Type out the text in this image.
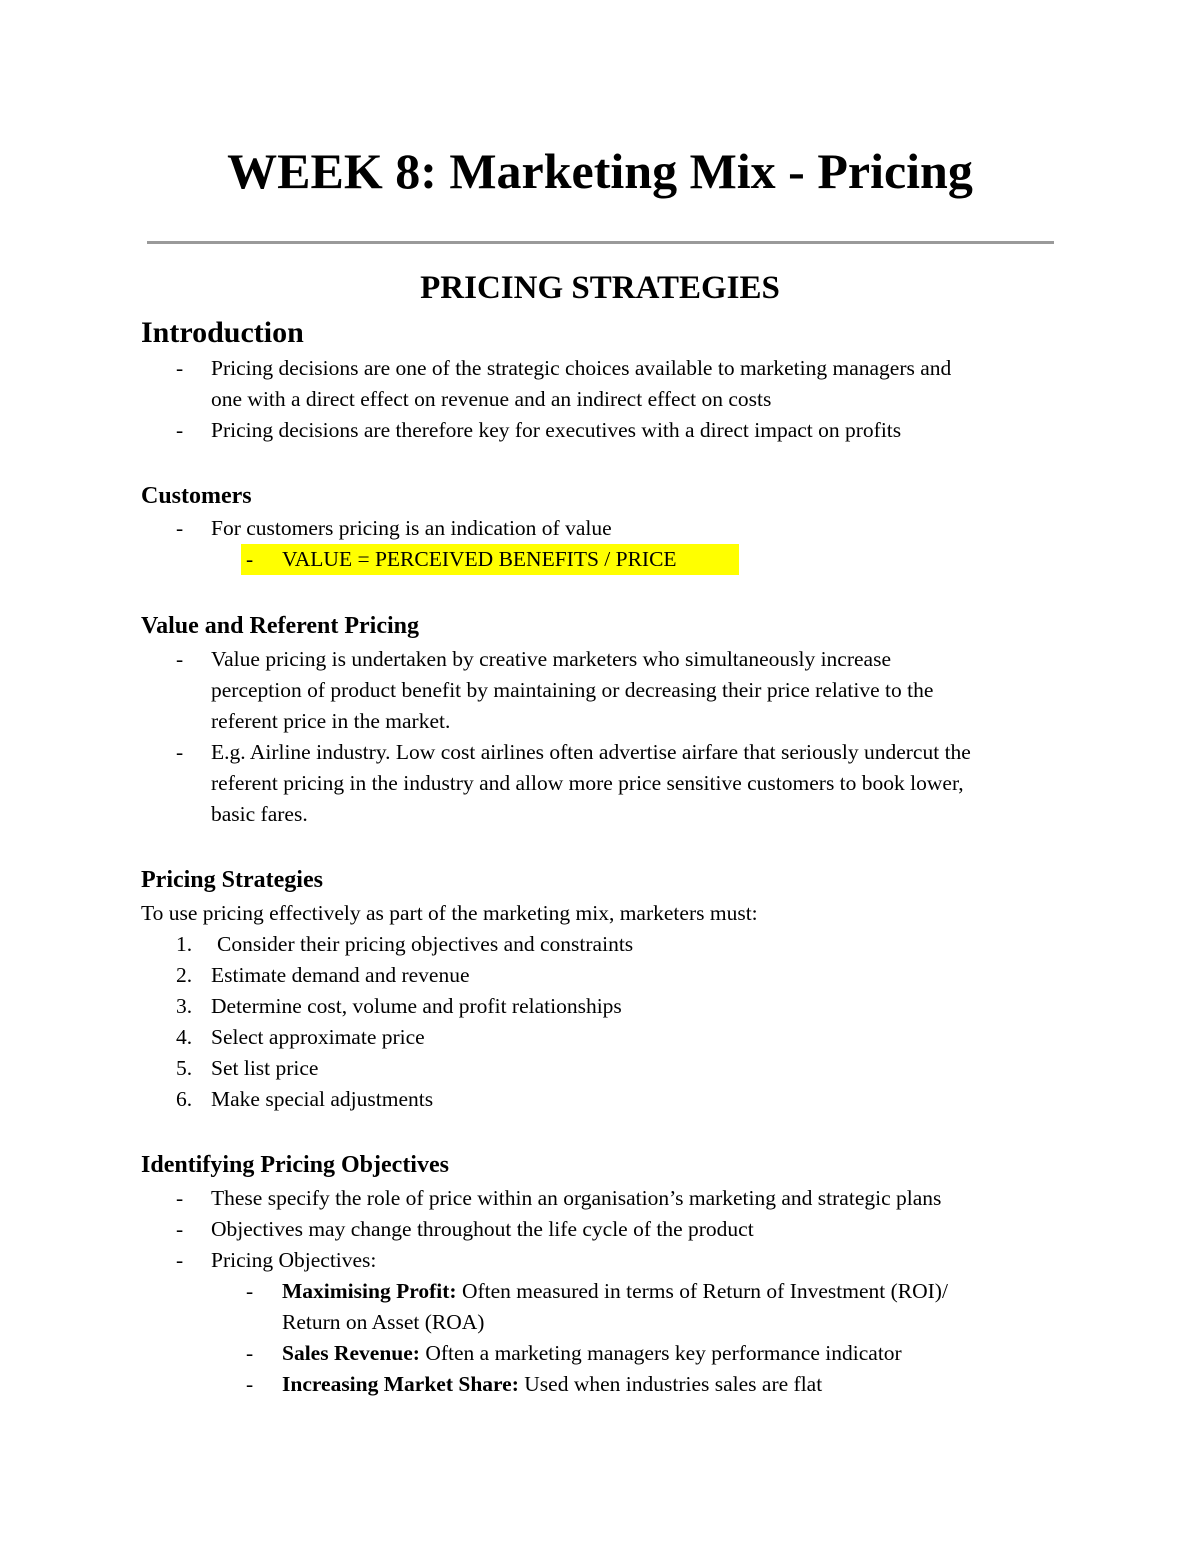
WEEK 8: Marketing Mix - Pricing
PRICING STRATEGIES
Introduction
- Pricing decisions are one of the strategic choices available to marketing managers and
one with a direct effect on revenue and an indirect effect on costs
- Pricing decisions are therefore key for executives with a direct impact on profits
Customers
- For customers pricing is an indication of value
- VALUE = PERCEIVED BENEFITS / PRICE
Value and Referent Pricing
- Value pricing is undertaken by creative marketers who simultaneously increase
perception of product benefit by maintaining or decreasing their price relative to the
referent price in the market.
- E.g. Airline industry. Low cost airlines often advertise airfare that seriously undercut the
referent pricing in the industry and allow more price sensitive customers to book lower,
basic fares.
Pricing Strategies
To use pricing effectively as part of the marketing mix, marketers must:
1. Consider their pricing objectives and constraints
2. Estimate demand and revenue
3. Determine cost, volume and profit relationships
4. Select approximate price
5. Set list price
6. Make special adjustments
Identifying Pricing Objectives
- These specify the role of price within an organisation’s marketing and strategic plans
- Objectives may change throughout the life cycle of the product
- Pricing Objectives:
- Maximising Profit: Often measured in terms of Return of Investment (ROI)/
Return on Asset (ROA)
- Sales Revenue: Often a marketing managers key performance indicator
- Increasing Market Share: Used when industries sales are flat
